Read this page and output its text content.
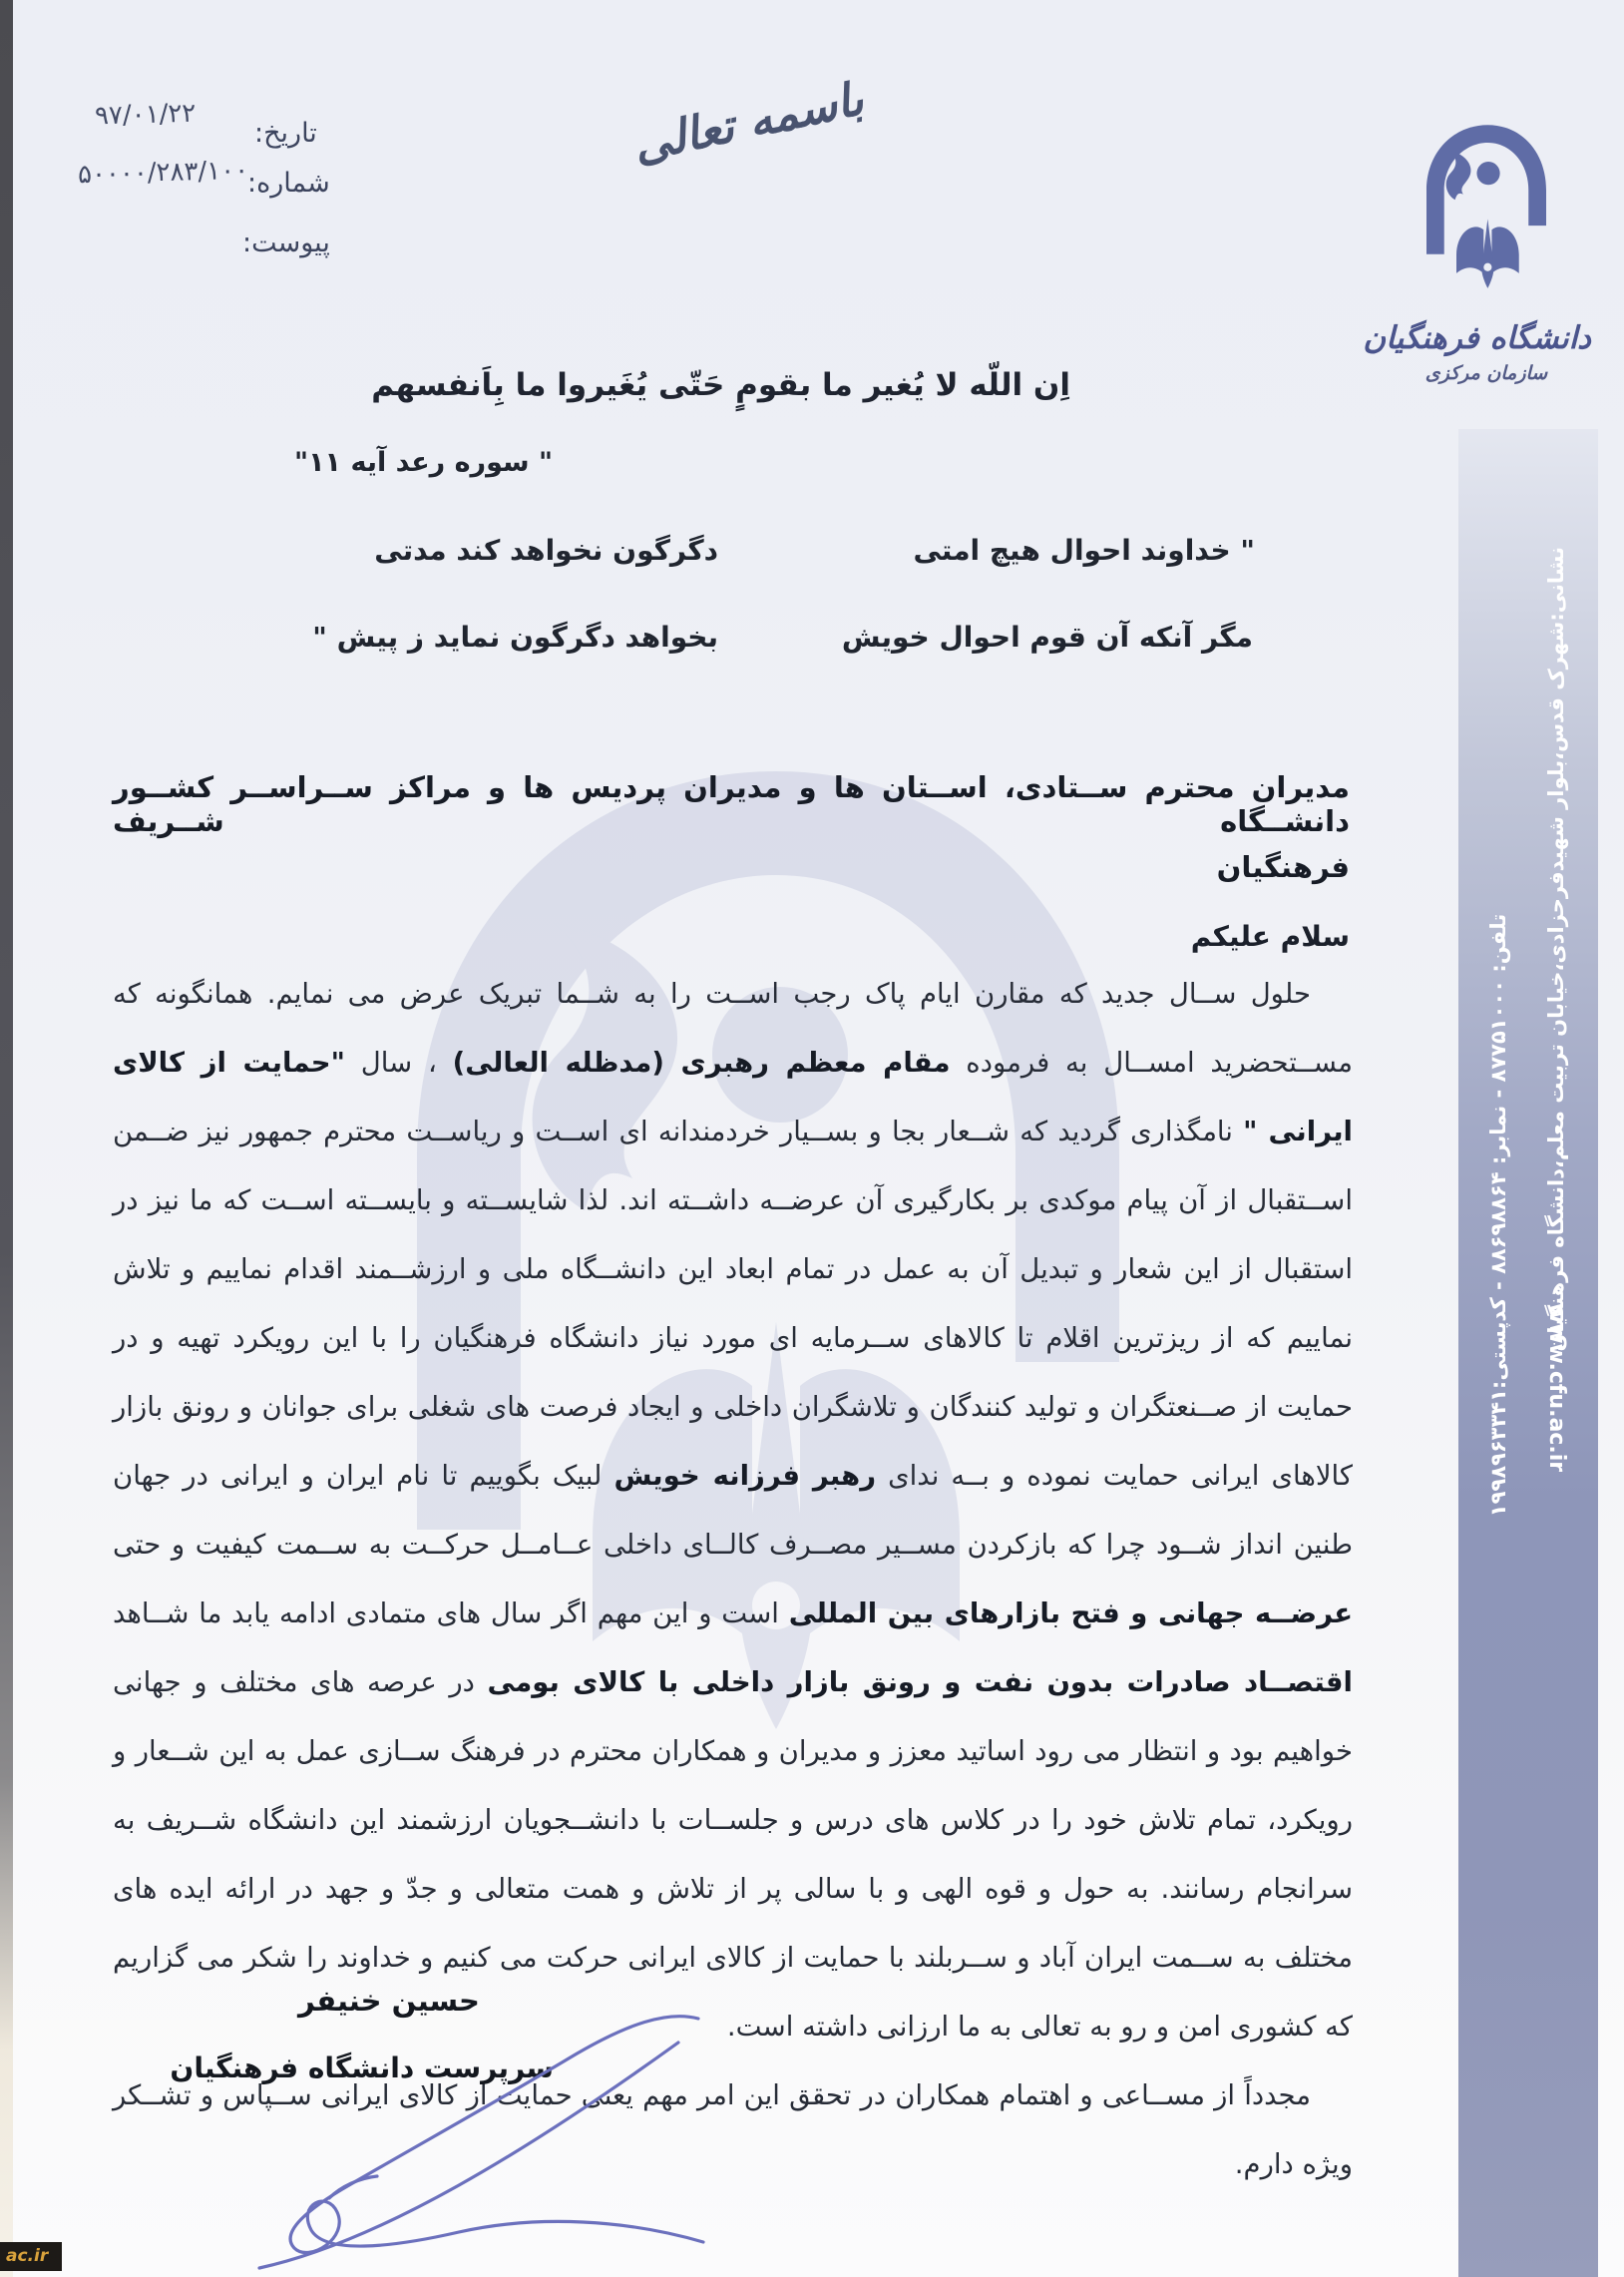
۹۷/۰۱/۲۲
۵۰۰۰۰/۲۸۳/۱۰۰
تاریخ:
شماره:
پیوست:
باسمه تعالی
دانشگاه فرهنگیان
سازمان مرکزی
نشانی:شهرک قدس،بلوار شهیدفرحزادی،خیابان تربیت معلم،دانشگاه فرهنگیان
تلفن: ۸۷۷۵۱۰۰۰ - نمابر: ۸۸۶۹۸۸۶۴ - کدپستی:۱۹۹۸۹۶۳۳۴۱
www.cfu.ac.ir
اِن اللّه لا یُغیر ما بقومٍ حَتّی یُغَیروا ما بِاَنفسهم
" سوره رعد آیه ۱۱"
" خداوند احوال هیچ امتی
مگر آنکه آن قوم احوال خویش
دگرگون نخواهد کند مدتی
بخواهد دگرگون نماید ز پیش "
مدیران محترم ســتادی، اســتان ها و مدیران پردیس ها و مراکز ســراســر کشــور دانشــگاه شــریف
فرهنگیان
سلام علیکم

حلول ســال جدید که مقارن ایام پاک رجب اســت را به شــما تبریک عرض می نمایم. همانگونه که مســتحضرید امســال به فرموده مقام معظم رهبری (مدظله العالی) ، سال "حمایت از کالای ایرانی " نامگذاری گردید که شــعار بجا و بســیار خردمندانه ای اســت و ریاســت محترم جمهور نیز ضــمن اســتقبال از آن پیام موکدی بر بکارگیری آن عرضــه داشــته اند. لذا شایســته و بایســته اســت که ما نیز در استقبال از این شعار و تبدیل آن به عمل در تمام ابعاد این دانشــگاه ملی و ارزشــمند اقدام نماییم و تلاش نماییم که از ریزترین اقلام تا کالاهای ســرمایه ای مورد نیاز دانشگاه فرهنگیان را با این رویکرد تهیه و در حمایت از صــنعتگران و تولید کنندگان و تلاشگران داخلی و ایجاد فرصت های شغلی برای جوانان و رونق بازار کالاهای ایرانی حمایت نموده و بــه ندای رهبر فرزانه خویش لبیک بگوییم تا نام ایران و ایرانی در جهان طنین انداز شــود چرا که بازکردن مســیر مصــرف کالــای داخلی عــامــل حرکــت به ســمت کیفیت و حتی عرضــه جهانی و فتح بازارهای بین المللی است و این مهم اگر سال های متمادی ادامه یابد ما شــاهد اقتصــاد صادرات بدون نفت و رونق بازار داخلی با کالای بومی در عرصه های مختلف و جهانی خواهیم بود و انتظار می رود اساتید معزز و مدیران و همکاران محترم در فرهنگ ســازی عمل به این شــعار و رویکرد، تمام تلاش خود را در کلاس های درس و جلســات با دانشــجویان ارزشمند این دانشگاه شــریف به سرانجام رسانند. به حول و قوه الهی و با سالی پر از تلاش و همت متعالی و جدّ و جهد در ارائه ایده های مختلف به ســمت ایران آباد و ســربلند با حمایت از کالای ایرانی حرکت می کنیم و خداوند را شکر می گزاریم که کشوری امن و رو به تعالی به ما ارزانی داشته است.

مجدداً از مســاعی و اهتمام همکاران در تحقق این امر مهم یعنی حمایت از کالای ایرانی ســپاس و تشــکر ویژه دارم.

حسین خنیفر
سرپرست دانشگاه فرهنگیان
ac.ir
